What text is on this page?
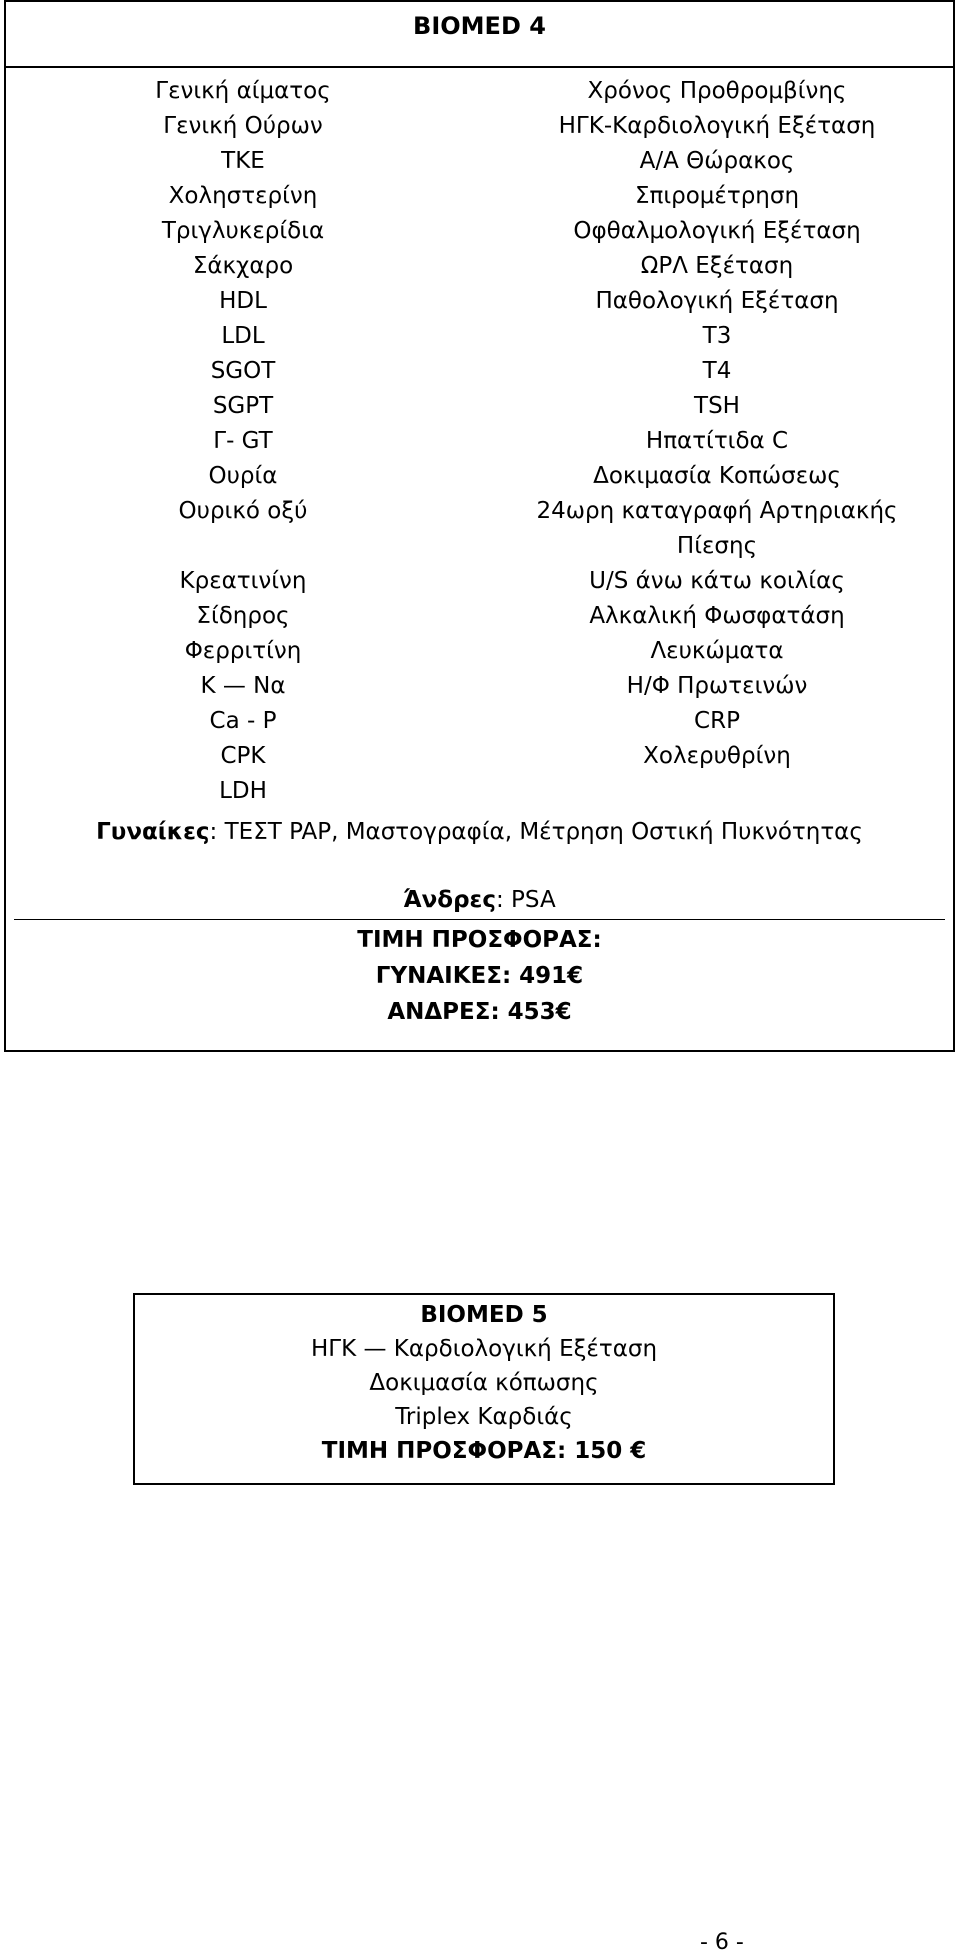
BIOMED 4
Γενική αίματος	Χρόνος Προθρομβίνης
Γενική Ούρων	ΗΓΚ-Καρδιολογική Εξέταση
ΤΚΕ	Α/Α Θώρακος
Χοληστερίνη	Σπιρομέτρηση
Τριγλυκερίδια	Οφθαλμολογική Εξέταση
Σάκχαρο	ΩΡΛ Εξέταση
HDL	Παθολογική Εξέταση
LDL	T3
SGOT	T4
SGPT	TSH
Γ- GT	Ηπατίτιδα C
Ουρία	Δοκιμασία Κοπώσεως
Ουρικό οξύ	24ωρη καταγραφή Αρτηριακής
Πίεσης
Κρεατινίνη	U/S άνω κάτω κοιλίας
Σίδηρος	Αλκαλική Φωσφατάση
Φερριτίνη	Λευκώματα
Κ — Να	Η/Φ Πρωτεινών
Ca - P	CRP
CPK	Χολερυθρίνη
LDH
Γυναίκες: ΤΕΣΤ PAP, Μαστογραφία, Μέτρηση Οστική Πυκνότητας
Άνδρες: PSA
ΤΙΜΗ ΠΡΟΣΦΟΡΑΣ:
ΓΥΝΑΙΚΕΣ: 491€
ΑΝΔΡΕΣ: 453€
BIOMED 5
ΗΓΚ — Καρδιολογική Εξέταση
Δοκιμασία κόπωσης
Triplex Καρδιάς
ΤΙΜΗ ΠΡΟΣΦΟΡΑΣ: 150 €
- 6 -
